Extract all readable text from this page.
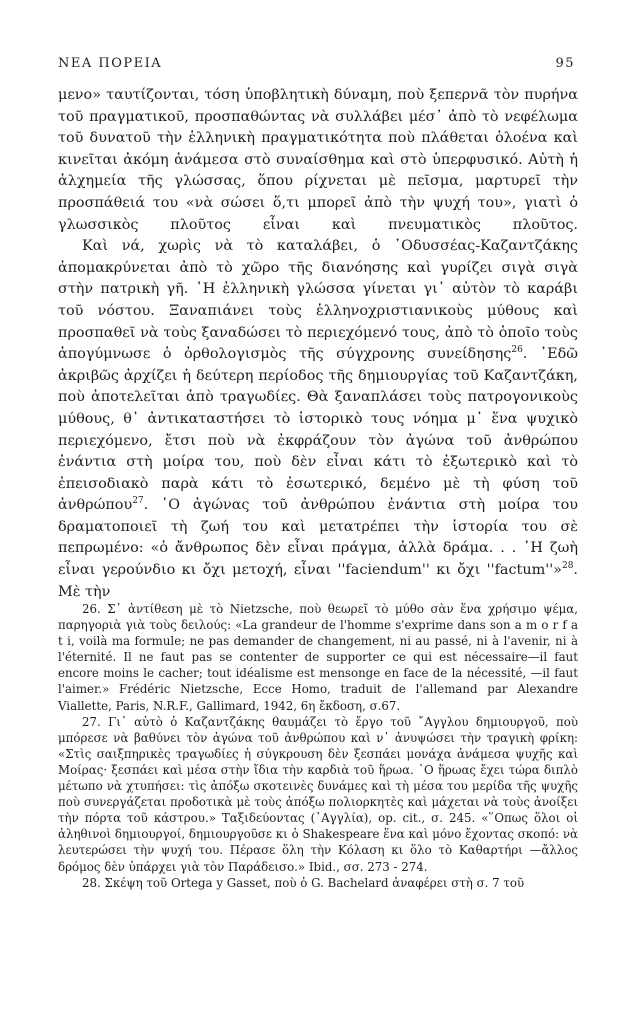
ΝΕΑ ΠΟΡΕΙΑ	95

μενο» ταυτίζονται, τόση ὑποβλητικὴ δύναμη, ποὺ ξεπερνᾶ τὸν πυρήνα τοῦ πραγματικοῦ, προσπαθώντας νὰ συλλάβει μέσ᾿ ἀπὸ τὸ νεφέλωμα τοῦ δυνατοῦ τὴν ἑλληνικὴ πραγματικότητα ποὺ πλάθεται ὁλοένα καὶ κινεῖται ἀκόμη ἀνάμεσα στὸ συναίσθημα καὶ στὸ ὑπερφυσικό. Αὐτὴ ἡ ἀλχημεία τῆς γλώσσας, ὅπου ρίχνεται μὲ πεῖσμα, μαρτυρεῖ τὴν προσπάθειά του «νὰ σώσει ὅ,τι μπορεῖ ἀπὸ τὴν ψυχή του», γιατὶ ὁ γλωσσικὸς πλοῦτος εἶναι καὶ πνευματικὸς πλοῦτος.

Καὶ νά, χωρὶς νὰ τὸ καταλάβει, ὁ ᾿Οδυσσέας-Καζαντζάκης ἀπομακρύνεται ἀπὸ τὸ χῶρο τῆς διανόησης καὶ γυρίζει σιγὰ σιγὰ στὴν πατρικὴ γῆ. ῾Η ἑλληνικὴ γλώσσα γίνεται γι᾿ αὐτὸν τὸ καράβι τοῦ νόστου. Ξαναπιάνει τοὺς ἑλληνοχριστιανικοὺς μύθους καὶ προσπαθεῖ νὰ τοὺς ξαναδώσει τὸ περιεχόμενό τους, ἀπὸ τὸ ὁποῖο τοὺς ἀπογύμνωσε ὁ ὀρθολογισμὸς τῆς σύγχρονης συνείδησης$^{26}$. ᾿Εδῶ ἀκριβῶς ἀρχίζει ἡ δεύτερη περίοδος τῆς δημιουργίας τοῦ Καζαντζάκη, ποὺ ἀποτελεῖται ἀπὸ τραγωδίες. Θὰ ξαναπλάσει τοὺς πατρογονικοὺς μύθους, θ᾿ ἀντικαταστήσει τὸ ἱστορικὸ τους νόημα μ᾿ ἕνα ψυχικὸ περιεχόμενο, ἔτσι ποὺ νὰ ἐκφράζουν τὸν ἀγώνα τοῦ ἀνθρώπου ἐνάντια στὴ μοίρα του, ποὺ δὲν εἶναι κάτι τὸ ἐξωτερικὸ καὶ τὸ ἐπεισοδιακὸ παρὰ κάτι τὸ ἐσωτερικό, δεμένο μὲ τὴ φύση τοῦ ἀνθρώπου$^{27}$. ῾Ο ἀγώνας τοῦ ἀνθρώπου ἐνάντια στὴ μοίρα του δραματοποιεῖ τὴ ζωή του καὶ μετατρέπει τὴν ἱστορία του σὲ πεπρωμένο: «ὁ ἄνθρωπος δὲν εἶναι πράγμα, ἀλλὰ δράμα. . . ῾Η ζωὴ εἶναι γερούνδιο κι ὄχι μετοχή, εἶναι ''faciendum'' κι ὄχι ''factum''»$^{28}$. Μὲ τὴν

26. Σ᾿ ἀντίθεση μὲ τὸ Nietzsche, ποὺ θεωρεῖ τὸ μύθο σὰν ἕνα χρήσιμο ψέμα, παρηγοριὰ γιὰ τοὺς δειλούς: «La grandeur de l'homme s'exprime dans son a m o r f a t i, voilà ma formule; ne pas demander de changement, ni au passé, ni à l'avenir, ni à l'éternité. Il ne faut pas se contenter de supporter ce qui est nécessaire—il faut encore moins le cacher; tout idéalisme est mensonge en face de la nécessité, —il faut l'aimer.» Frédéric Nietzsche, Ecce Homo, traduit de l'allemand par Alexandre Viallette, Paris, N.R.F., Gallimard, 1942, 6η ἔκδοση, σ.67.

27. Γι᾿ αὐτὸ ὁ Καζαντζάκης θαυμάζει τὸ ἔργο τοῦ ῎Αγγλου δημιουργοῦ, ποὺ μπόρεσε νὰ βαθύνει τὸν ἀγώνα τοῦ ἀνθρώπου καὶ ν᾿ ἀνυψώσει τὴν τραγικὴ φρίκη: «Στὶς σαιξπηρικὲς τραγωδίες ἡ σύγκρουση δὲν ξεσπάει μονάχα ἀνάμεσα ψυχῆς καὶ Μοίρας· ξεσπάει καὶ μέσα στὴν ἴδια τὴν καρδιὰ τοῦ ἥρωα. ῾Ο ἥρωας ἔχει τώρα διπλὸ μέτωπο νὰ χτυπήσει: τὶς ἀπόξω σκοτεινὲς δυνάμες καὶ τὴ μέσα του μερίδα τῆς ψυχῆς ποὺ συνεργάζεται προδοτικὰ μὲ τοὺς ἀπόξω πολιορκητὲς καὶ μάχεται νὰ τοὺς ἀνοίξει τὴν πόρτα τοῦ κάστρου.» Ταξιδεύοντας (᾿Αγγλία), op. cit., σ. 245. «῞Οπως ὅλοι οἱ ἀληθινοὶ δημιουργοί, δημιουργοῦσε κι ὁ Shakespeare ἕνα καὶ μόνο ἔχοντας σκοπό: νὰ λευτερώσει τὴν ψυχή του. Πέρασε ὅλη τὴν Κόλαση κι ὅλο τὸ Καθαρτήρι —ἄλλος δρόμος δὲν ὑπάρχει γιὰ τὸν Παράδεισο.» Ibid., σσ. 273 - 274.

28. Σκέψη τοῦ Ortega y Gasset, ποὺ ὁ G. Bachelard ἀναφέρει στὴ σ. 7 τοῦ
